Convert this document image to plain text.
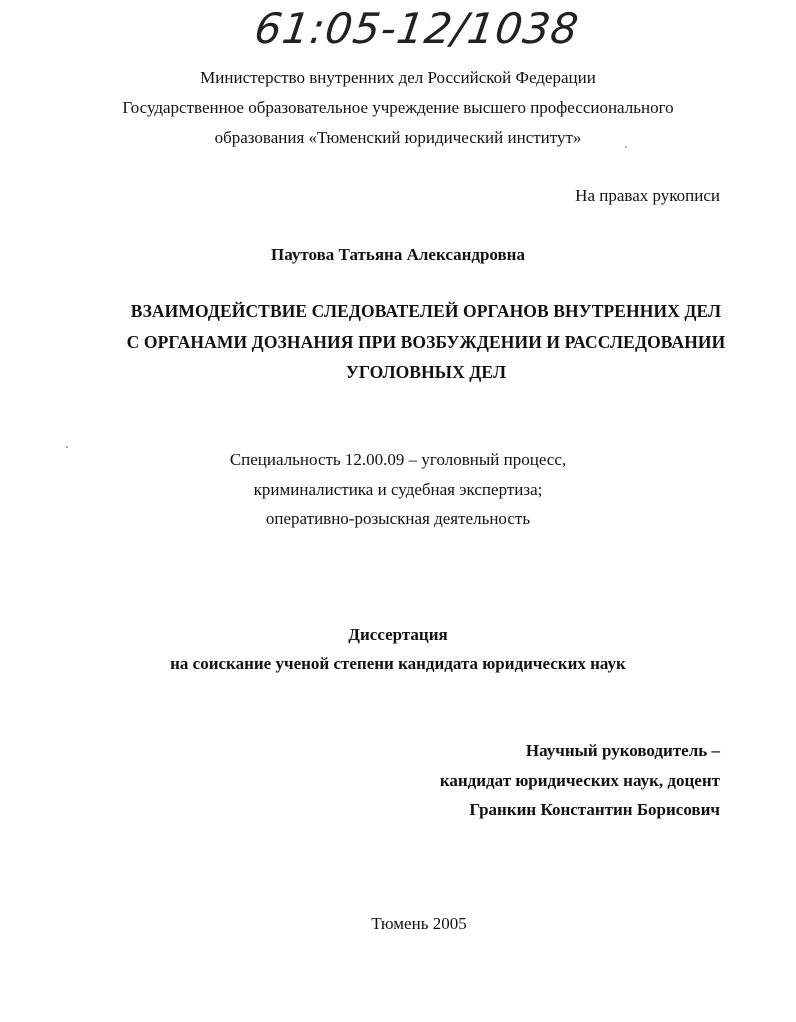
61:05-12/1038
Министерство внутренних дел Российской Федерации
Государственное образовательное учреждение высшего профессионального
образования «Тюменский юридический институт»
На правах рукописи
Паутова Татьяна Александровна
ВЗАИМОДЕЙСТВИЕ СЛЕДОВАТЕЛЕЙ ОРГАНОВ ВНУТРЕННИХ ДЕЛ
С ОРГАНАМИ ДОЗНАНИЯ ПРИ ВОЗБУЖДЕНИИ И РАССЛЕДОВАНИИ
УГОЛОВНЫХ ДЕЛ
Специальность 12.00.09 – уголовный процесс,
криминалистика и судебная экспертиза;
оперативно-розыскная деятельность
Диссертация
на соискание ученой степени кандидата юридических наук
Научный руководитель –
кандидат юридических наук, доцент
Гранкин Константин Борисович
Тюмень 2005
